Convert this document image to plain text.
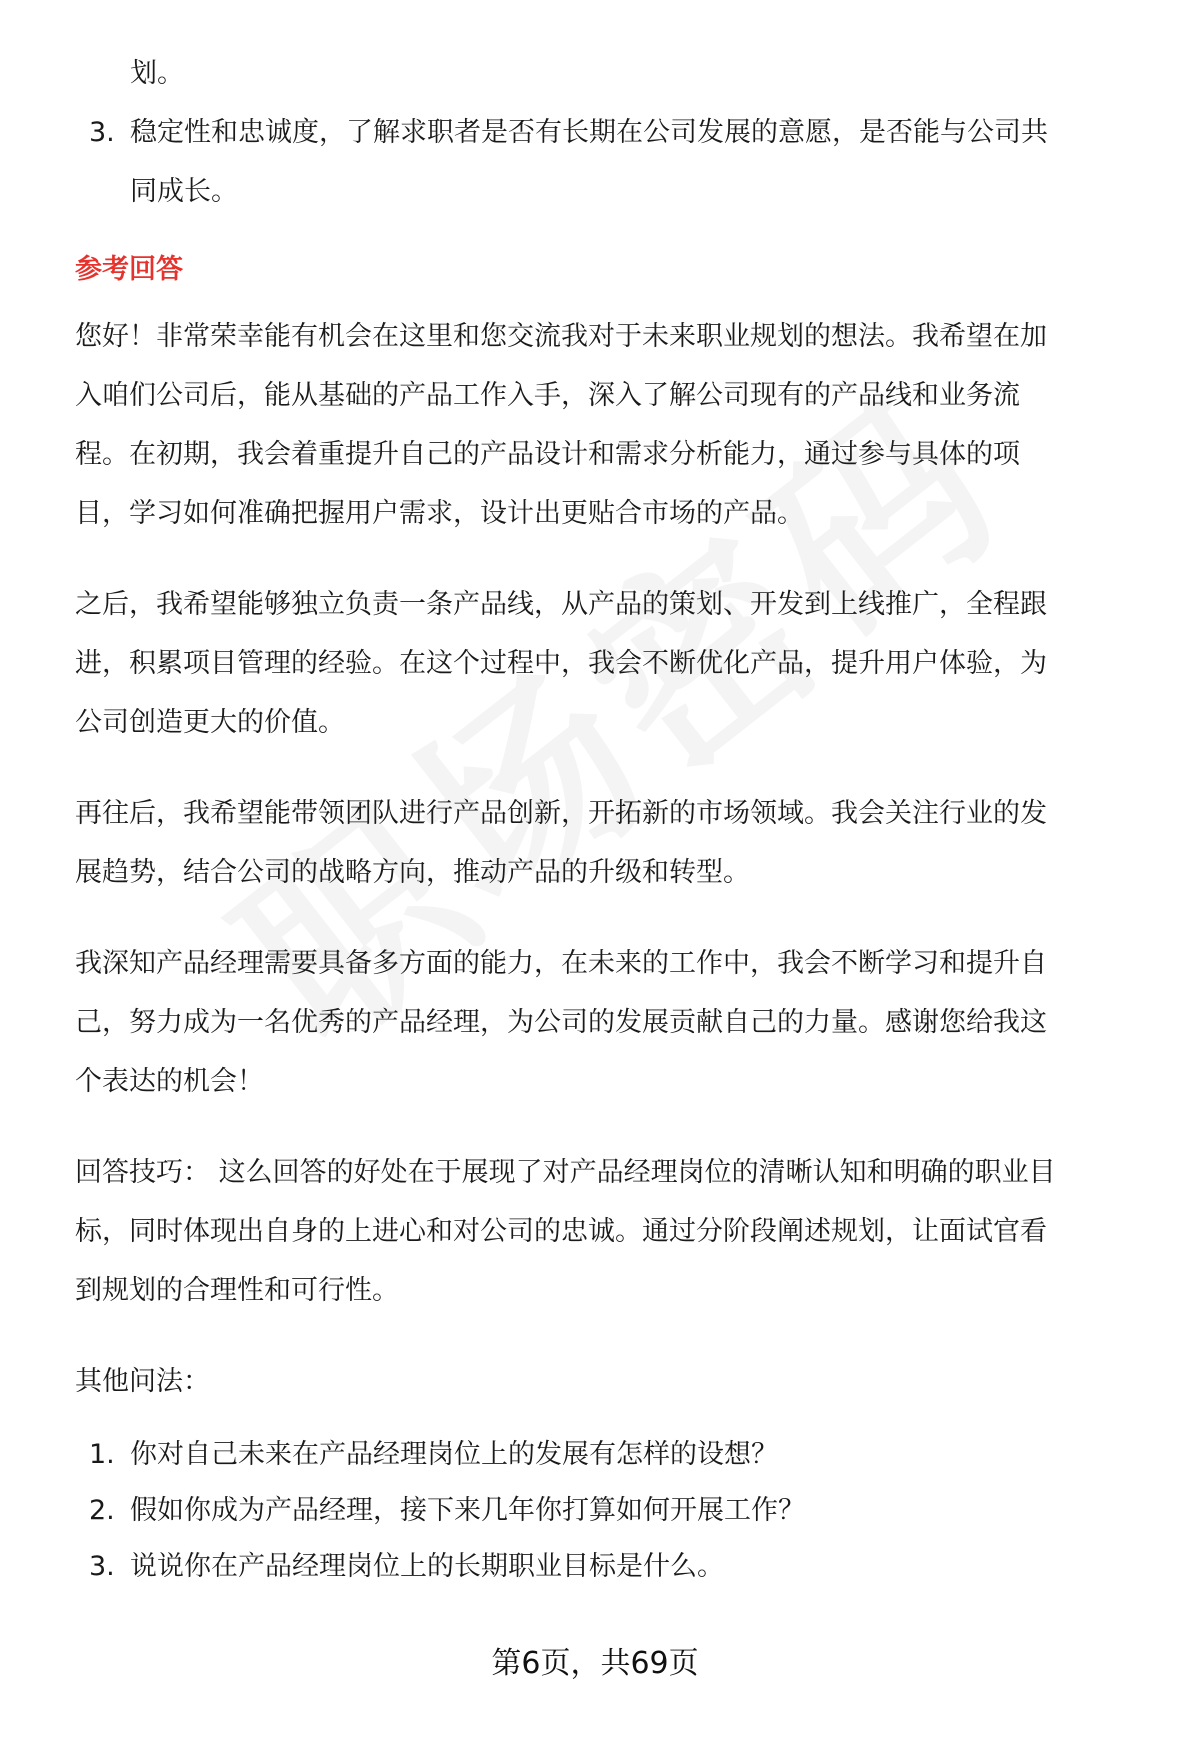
划。
3. 稳定性和忠诚度，了解求职者是否有长期在公司发展的意愿，是否能与公司共
同成长。
参考回答

您好！非常荣幸能有机会在这里和您交流我对于未来职业规划的想法。我希望在加

入咱们公司后，能从基础的产品工作入手，深入了解公司现有的产品线和业务流

程。在初期，我会着重提升自己的产品设计和需求分析能力，通过参与具体的项

目，学习如何准确把握用户需求，设计出更贴合市场的产品。

之后，我希望能够独立负责一条产品线，从产品的策划、开发到上线推广，全程跟

进，积累项目管理的经验。在这个过程中，我会不断优化产品，提升用户体验，为

公司创造更大的价值。

再往后，我希望能带领团队进行产品创新，开拓新的市场领域。我会关注行业的发

展趋势，结合公司的战略方向，推动产品的升级和转型。

我深知产品经理需要具备多方面的能力，在未来的工作中，我会不断学习和提升自

己，努力成为一名优秀的产品经理，为公司的发展贡献自己的力量。感谢您给我这

个表达的机会！

回答技巧： 这么回答的好处在于展现了对产品经理岗位的清晰认知和明确的职业目

标，同时体现出自身的上进心和对公司的忠诚。通过分阶段阐述规划，让面试官看

到规划的合理性和可行性。

其他问法：

1. 你对自己未来在产品经理岗位上的发展有怎样的设想？
2. 假如你成为产品经理，接下来几年你打算如何开展工作？
3. 说说你在产品经理岗位上的长期职业目标是什么。
第6页，共69页
